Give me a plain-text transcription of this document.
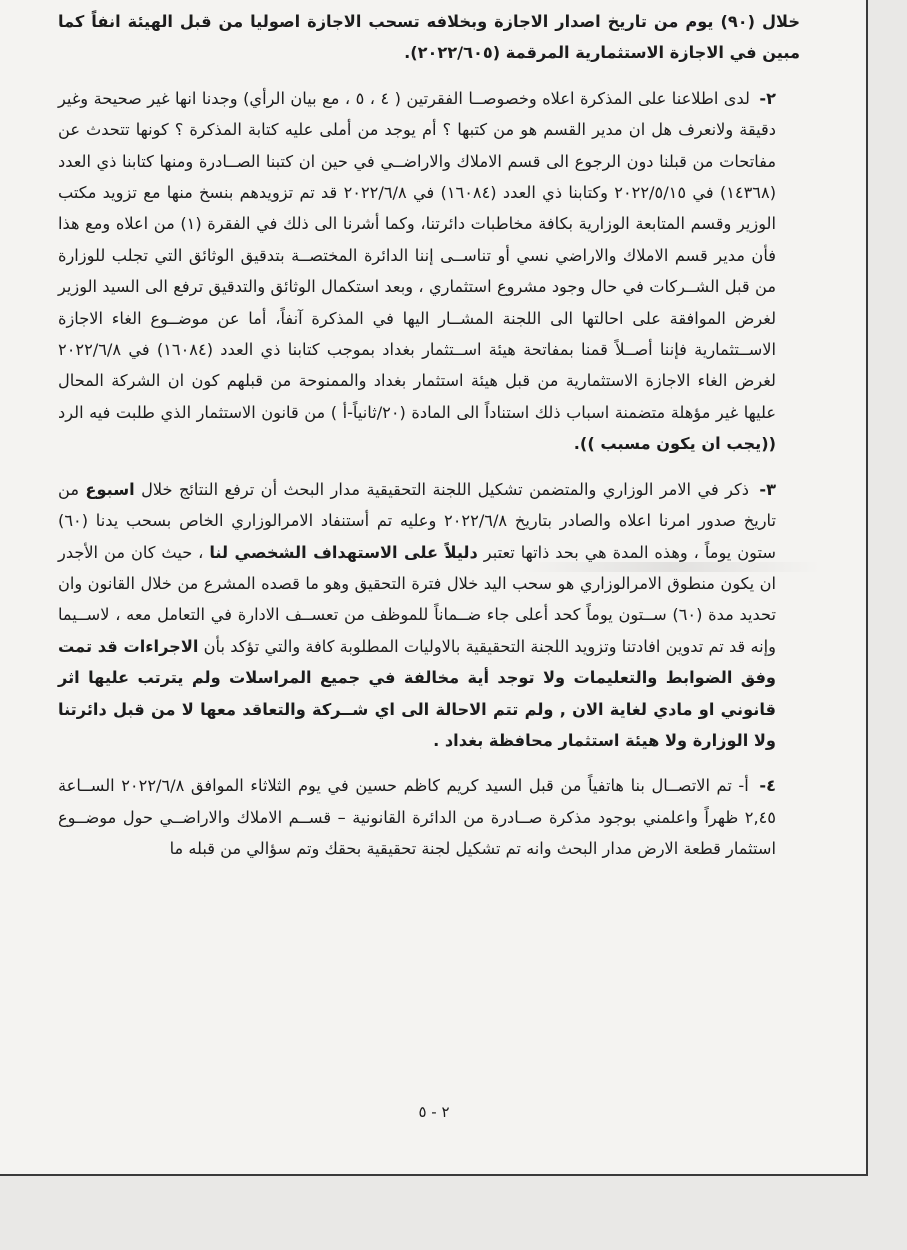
خلال (٩٠) يوم من تاريخ اصدار الاجازة وبخلافه تسحب الاجازة اصوليا من قبل الهيئة انفاً كما مبين في الاجازة الاستثمارية المرقمة (٢٠٢٢/٦٠٥).

٢- لدى اطلاعنا على المذكرة اعلاه وخصوصــا الفقرتين ( ٤ ، ٥ ، مع بيان الرأي) وجدنا انها غير صحيحة وغير دقيقة ولانعرف هل ان مدير القسم هو من كتبها ؟ أم يوجد من أملى عليه كتابة المذكرة ؟ كونها تتحدث عن مفاتحات من قبلنا دون الرجوع الى قسم الاملاك والاراضــي في حين ان كتبنا الصــادرة ومنها كتابنا ذي العدد (١٤٣٦٨) في ٢٠٢٢/٥/١٥ وكتابنا ذي العدد (١٦٠٨٤) في ٢٠٢٢/٦/٨ قد تم تزويدهم بنسخ منها مع تزويد مكتب الوزير وقسم المتابعة الوزارية بكافة مخاطبات دائرتنا، وكما أشرنا الى ذلك في الفقرة (١) من اعلاه ومع هذا فأن مدير قسم الاملاك والاراضي نسي أو تناســى إننا الدائرة المختصــة بتدقيق الوثائق التي تجلب للوزارة من قبل الشــركات في حال وجود مشروع استثماري ، وبعد استكمال الوثائق والتدقيق ترفع الى السيد الوزير لغرض الموافقة على احالتها الى اللجنة المشــار اليها في المذكرة آنفاً، أما عن موضــوع الغاء الاجازة الاســتثمارية فإننا أصــلاً قمنا بمفاتحة هيئة اســتثمار بغداد بموجب كتابنا ذي العدد (١٦٠٨٤) في ٢٠٢٢/٦/٨ لغرض الغاء الاجازة الاستثمارية من قبل هيئة استثمار بغداد والممنوحة من قبلهم كون ان الشركة المحال عليها غير مؤهلة متضمنة اسباب ذلك استناداً الى المادة (٢٠/ثانياً-أ ) من قانون الاستثمار الذي طلبت فيه الرد ((يجب ان يكون مسبب )).

٣- ذكر في الامر الوزاري والمتضمن تشكيل اللجنة التحقيقية مدار البحث أن ترفع النتائج خلال اسبوع من تاريخ صدور امرنا اعلاه والصادر بتاريخ ٢٠٢٢/٦/٨ وعليه تم أستنفاد الامرالوزاري الخاص بسحب يدنا (٦٠) ستون يوماً ، وهذه المدة هي بحد ذاتها تعتبر دليلاً على الاستهداف الشخصي لنا ، حيث كان من الأجدر ان يكون منطوق الامرالوزاري هو سحب اليد خلال فترة التحقيق وهو ما قصده المشرع من خلال القانون وان تحديد مدة (٦٠) ســتون يوماً كحد أعلى جاء ضــماناً للموظف من تعســف الادارة في التعامل معه ، لاســيما وإنه قد تم تدوين افادتنا وتزويد اللجنة التحقيقية بالاوليات المطلوبة كافة والتي تؤكد بأن الاجراءات قد تمت وفق الضوابط والتعليمات ولا توجد أية مخالفة في جميع المراسلات ولم يترتب عليها اثر قانوني او مادي لغاية الان , ولم تتم الاحالة الى اي شــركة والتعاقد معها لا من قبل دائرتنا ولا الوزارة ولا هيئة استثمار محافظة بغداد .

٤- أ- تم الاتصــال بنا هاتفياً من قبل السيد كريم كاظم حسين في يوم الثلاثاء الموافق ٢٠٢٢/٦/٨ الســاعة ٢,٤٥ ظهراً واعلمني بوجود مذكرة صــادرة من الدائرة القانونية – قســم الاملاك والاراضــي حول موضــوع استثمار قطعة الارض مدار البحث وانه تم تشكيل لجنة تحقيقية بحقك وتم سؤالي من قبله ما

٢ - ٥
